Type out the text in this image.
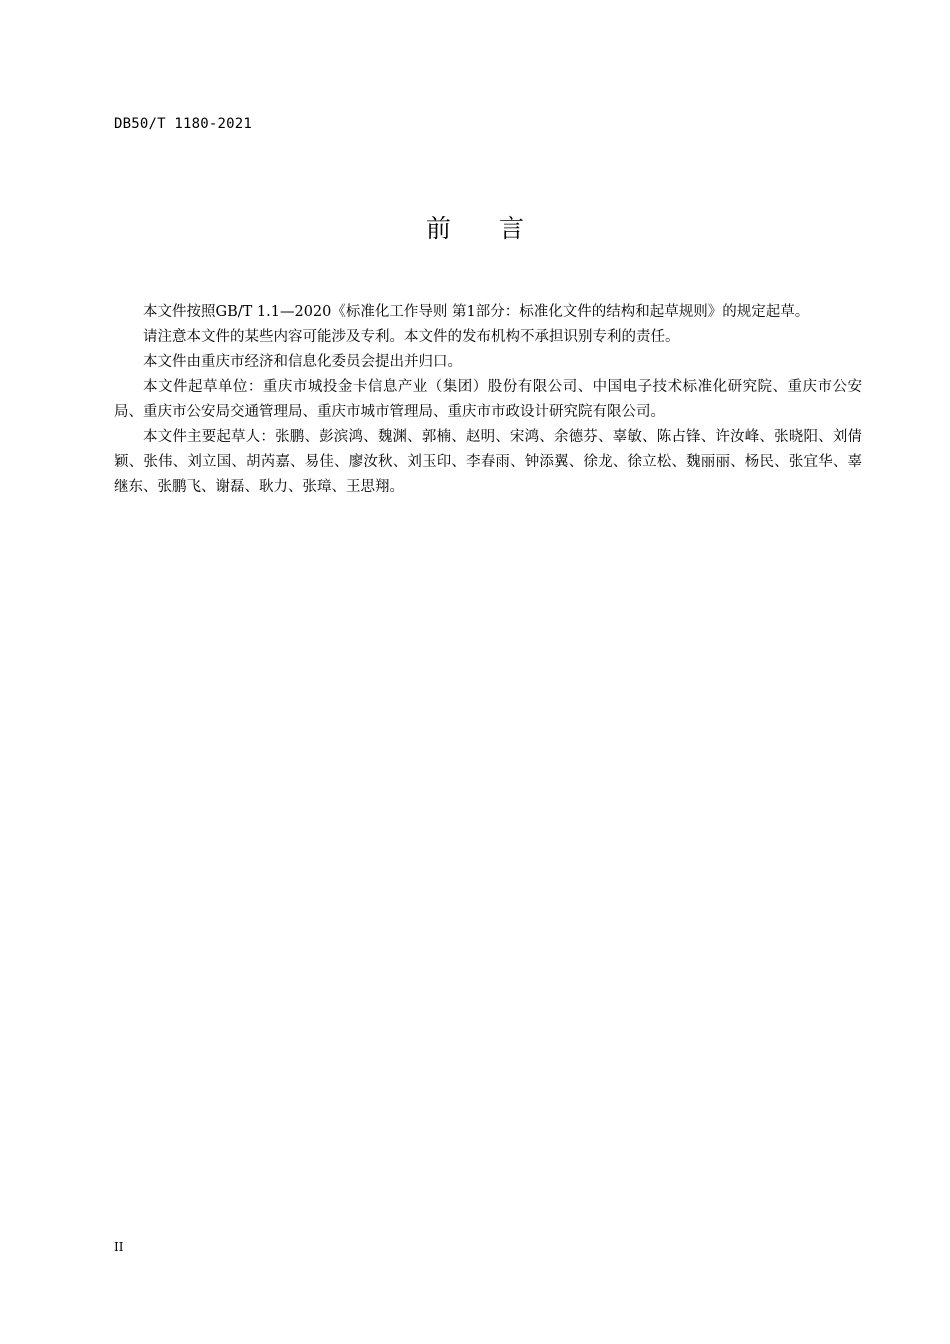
DB50/T 1180-2021
前 言

本文件按照GB/T 1.1—2020《标准化工作导则 第1部分：标准化文件的结构和起草规则》的规定起草。

请注意本文件的某些内容可能涉及专利。本文件的发布机构不承担识别专利的责任。

本文件由重庆市经济和信息化委员会提出并归口。

本文件起草单位：重庆市城投金卡信息产业（集团）股份有限公司、中国电子技术标准化研究院、重庆市公安局、重庆市公安局交通管理局、重庆市城市管理局、重庆市市政设计研究院有限公司。

本文件主要起草人：张鹏、彭滨鸿、魏渊、郭楠、赵明、宋鸿、余德芬、辜敏、陈占锋、许汝峰、张晓阳、刘倩颖、张伟、刘立国、胡芮嘉、易佳、廖汝秋、刘玉印、李春雨、钟添翼、徐龙、徐立松、魏丽丽、杨民、张宜华、辜继东、张鹏飞、谢磊、耿力、张璋、王思翔。

II
